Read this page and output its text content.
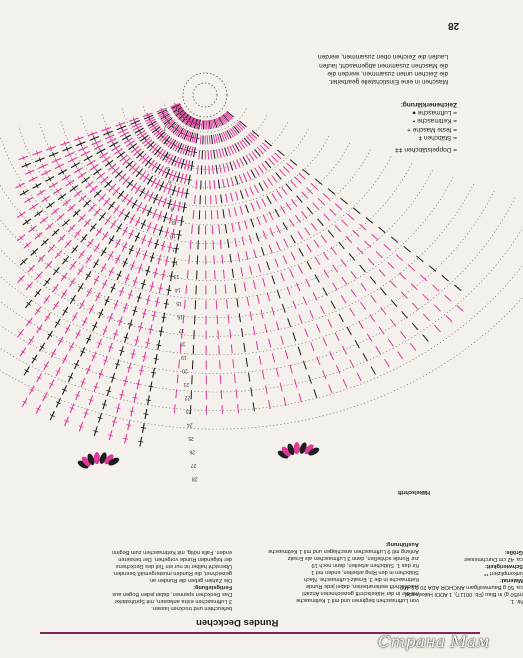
28
Maschen in eine Einstichstelle gearbeitet.
die Zeichen unten zusammen, werden die
die Maschen zusammen abgemascht, laufen
Laufen die Zeichen oben zusammen, werden
= Doppelstäbchen ǂǂ
= Stäbchen ǂ
= feste Masche +
= Kettmasche •
= Luftmasche ●
Zeichenerklärung:
1
2
3
4
5
6
7
8
9
10
11
12
13
14
15
16
17
18
19
20
21
22
23
24
25
26
27
28
Häkelschrift
Nr. 1.
m/50 g) in Blau (Fb. 00117), 1 ADDI Häkelnadel
ca. 50 g Baumwollgarn ANCHOR ADA 20 (LL 400
Material:
unkompliziert **
Schwierigkeit:
ca. 42 cm Durchmesser
Größe:
von Luftmaschen beginnen und mit 1 Kettmasche
mit der in der Häkelschrift gezeichneten Anzahl
Häkelschrift weiterarbeiten, dabei jede Runde
Kettmasche in die 3. Ersatz-Luftmasche. Nach
Stäbchen in den Ring arbeiten, enden mit 1
für das 1. Stäbchen arbeiten, dann noch 19
zur Runde schließen, dann 3 Luftmaschen als Ersatz
Anfang mit 9 Luftmaschen anschlagen und mit 1 Kettmasche
Ausführung:
befeuchten und trocknen lassen.
3 Luftmaschen extra anfassen, mit Sprühstärke
Das Deckchen spannen, dabei jeden Bogen aus
Fertigstellung:
Die Zahlen geben die Runden an.
gezeichnet, die Runden mustergemäß beenden.
Übersicht halber ist nur ein Teil des Deckchens
der folgenden Runde vorgehen. Der besseren
enden. Falls nötig, mit Kettmaschen zum Beginn
Rundes Deckchen
Страна Мам
